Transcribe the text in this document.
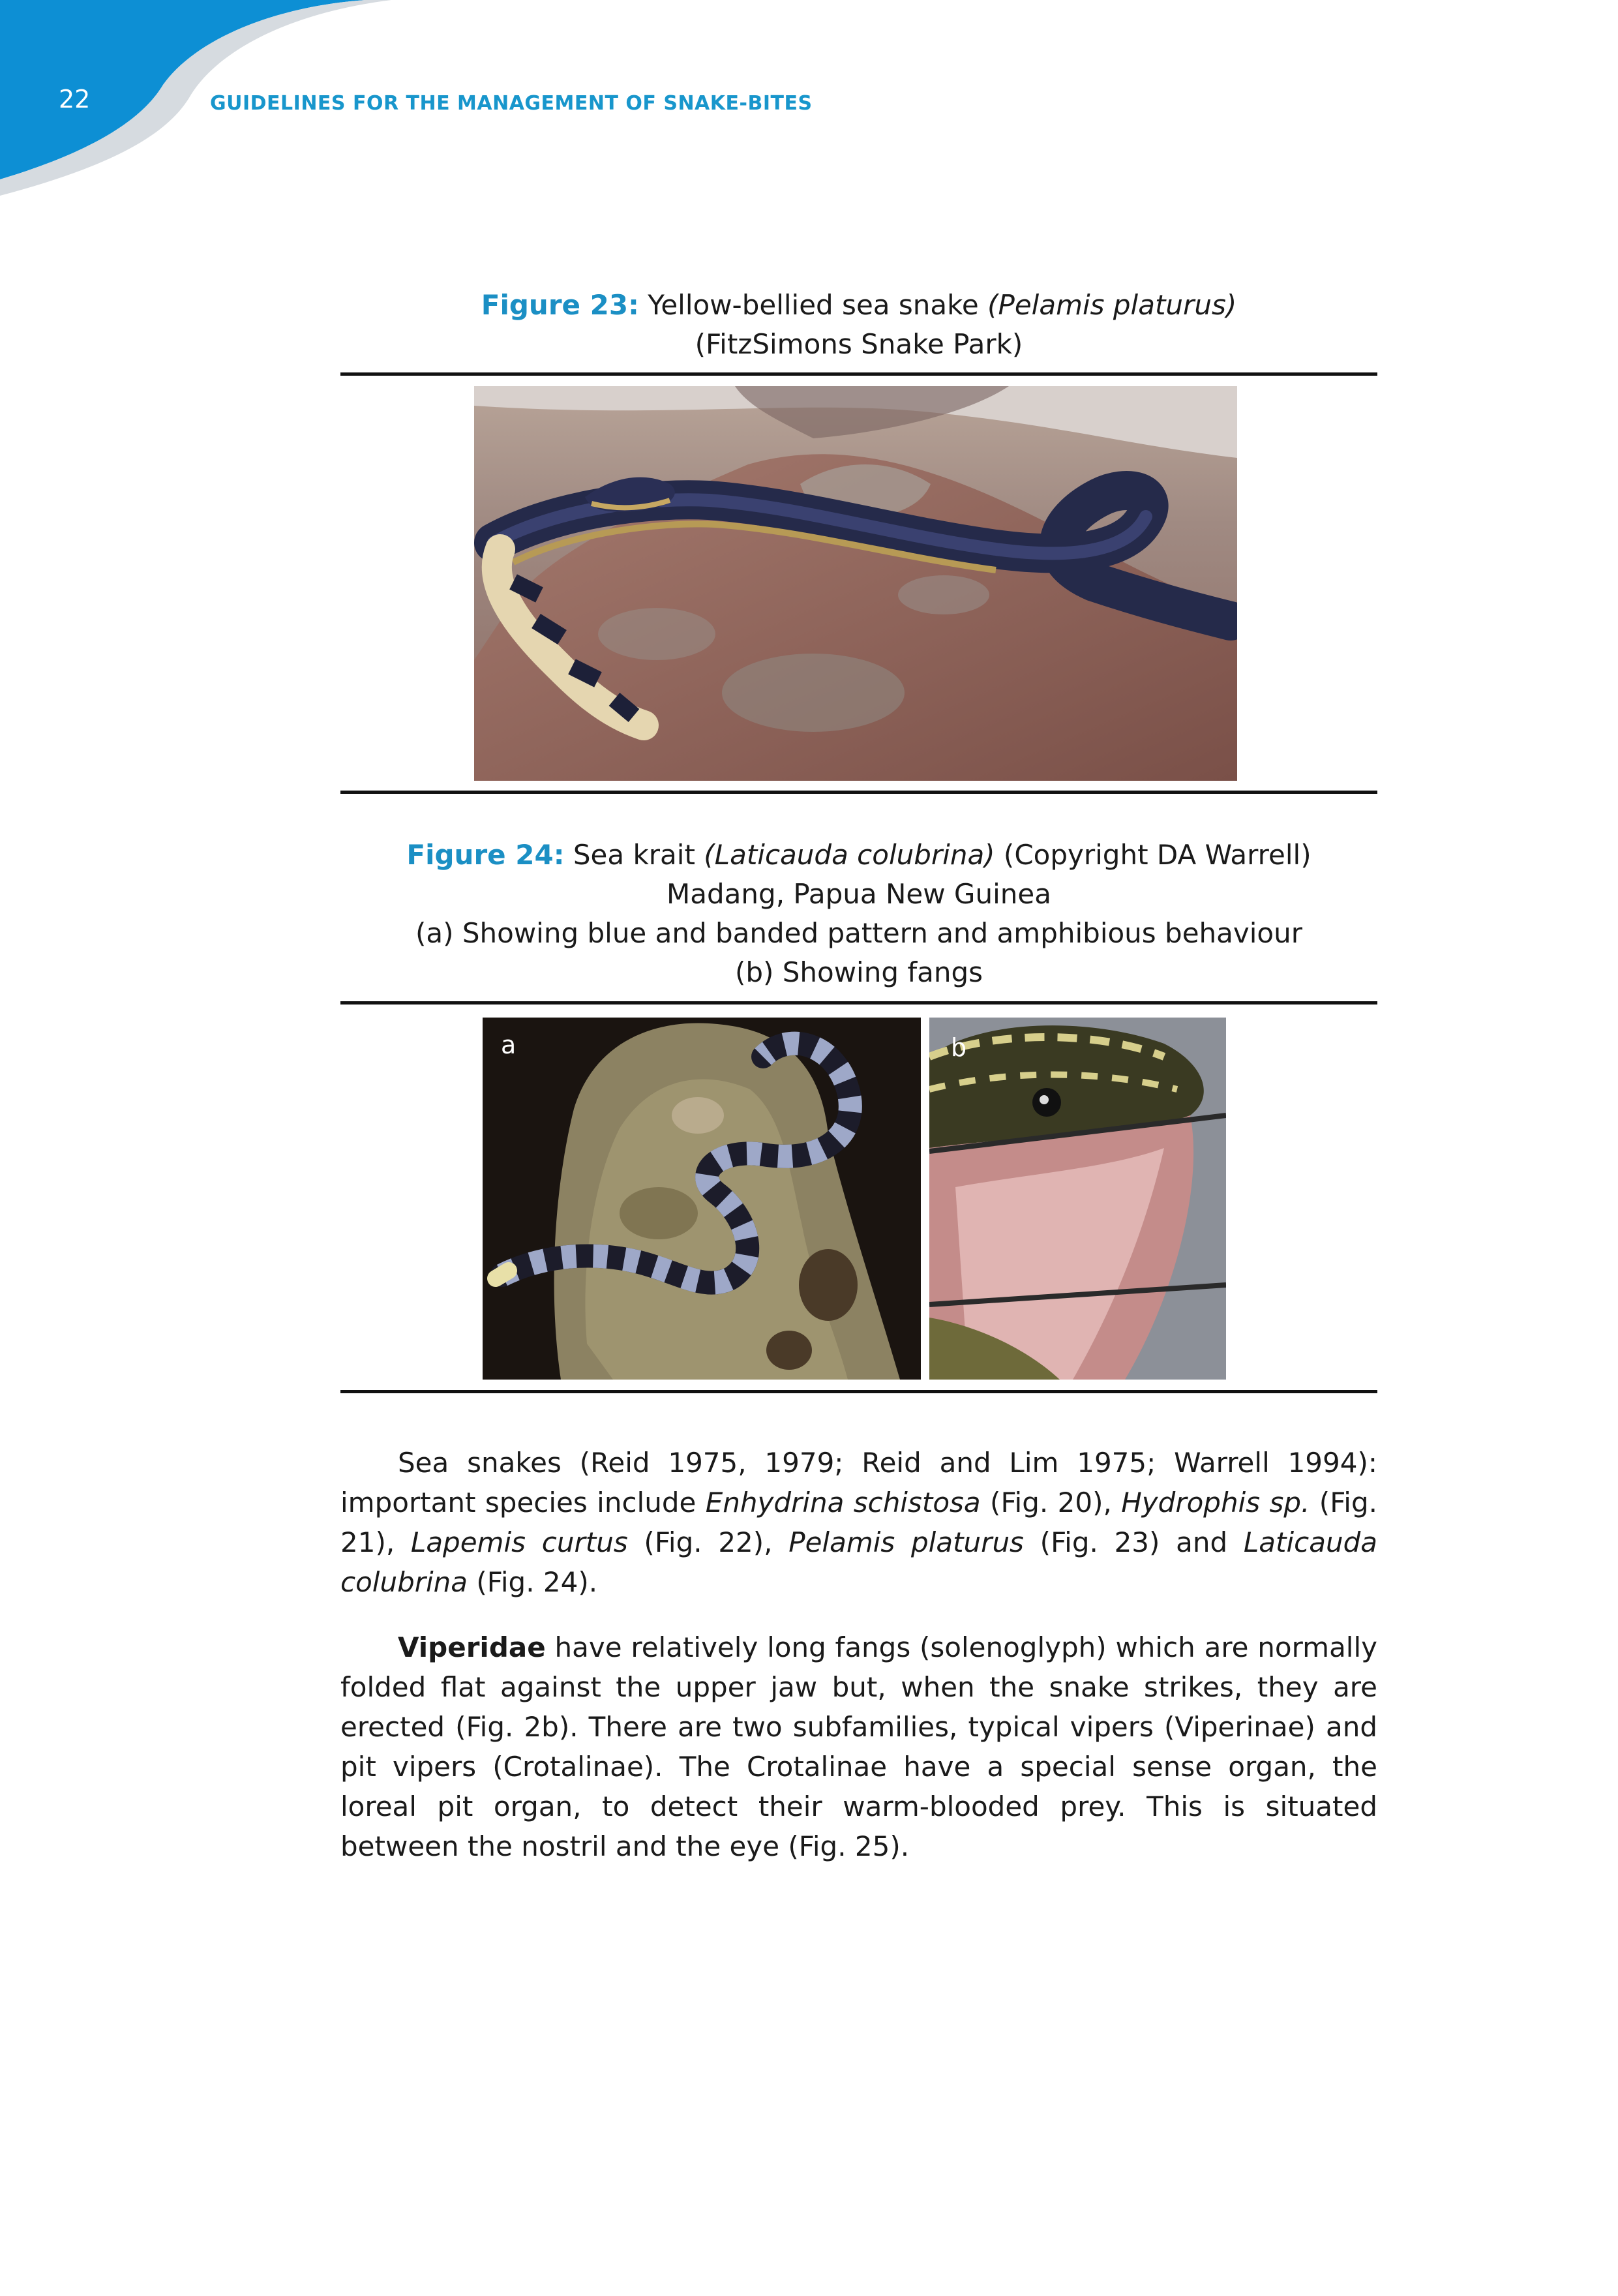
22	GUIDELINES FOR THE MANAGEMENT OF SNAKE-BITES
Figure 23: Yellow-bellied sea snake (Pelamis platurus)
(FitzSimons Snake Park)
Figure 24: Sea krait (Laticauda colubrina) (Copyright DA Warrell)
Madang, Papua New Guinea
(a) Showing blue and banded pattern and amphibious behaviour
(b) Showing fangs
a	b

Sea snakes (Reid 1975, 1979; Reid and Lim 1975; Warrell 1994): important species include Enhydrina schistosa (Fig. 20), Hydrophis sp. (Fig. 21), Lapemis curtus (Fig. 22), Pelamis platurus (Fig. 23) and Laticauda colubrina (Fig. 24).

Viperidae have relatively long fangs (solenoglyph) which are normally folded flat against the upper jaw but, when the snake strikes, they are erected (Fig. 2b). There are two subfamilies, typical vipers (Viperinae) and pit vipers (Crotalinae). The Crotalinae have a special sense organ, the loreal pit organ, to detect their warm-blooded prey. This is situated between the nostril and the eye (Fig. 25).
